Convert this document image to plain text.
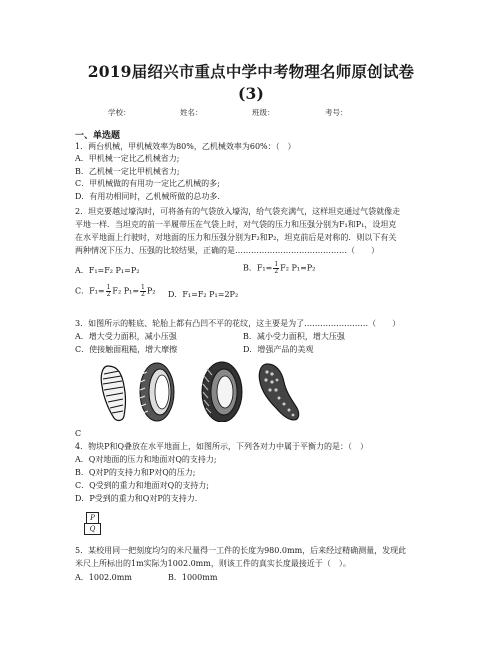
2019届绍兴市重点中学中考物理名师原创试卷
(3)
学校：	姓名：	班级：	考号：
一、单选题
1．两台机械，甲机械效率为80%，乙机械效率为60%：（　）
A．甲机械一定比乙机械省力;
B．乙机械一定比甲机械省力;
C．甲机械做的有用功一定比乙机械的多;
D．有用功相同时，乙机械所做的总功多.
2．坦克要越过壕沟时，可将备有的气袋放入壕沟，给气袋充满气，这样坦克通过气袋就像走
平地一样．当坦克的前一半履带压在气袋上时，对气袋的压力和压强分别为F₁和P₁，设坦克
在水平地面上行驶时，对地面的压力和压强分别为F₂和P₂，坦克前后是对称的．则以下有关
两种情况下压力、压强的比较结果，正确的是……………………………………（　　）
A．F₁=F₂ P₁=P₂	B．$F_1= \frac{1}{2} F_2$ P₁=P₂
C．$F_1= \frac{1}{2} F_2$ $P_1= \frac{1}{2} P_2$ D．F₁=F₂ P₁=2P₂
3．如图所示的鞋底、轮胎上都有凸凹不平的花纹，这主要是为了……………………（　　）
A．增大受力面积，减小压强	B．减小受力面积，增大压强
C．使接触面粗糙，增大摩擦	D．增强产品的美观
C
4．物块P和Q叠放在水平地面上，如图所示，下列各对力中属于平衡力的是：（　）
A．Q对地面的压力和地面对Q的支持力;
B．Q对P的支持力和P对Q的压力;
C．Q受到的重力和地面对Q的支持力;
D．P受到的重力和Q对P的支持力.
P
Q
5．某校用同一把刻度均匀的米尺量得一工件的长度为980.0mm，后来经过精确测量，发现此
米尺上所标出的1m实际为1002.0mm，则该工件的真实长度最接近于（　）。
A．1002.0mm	B．1000mm
